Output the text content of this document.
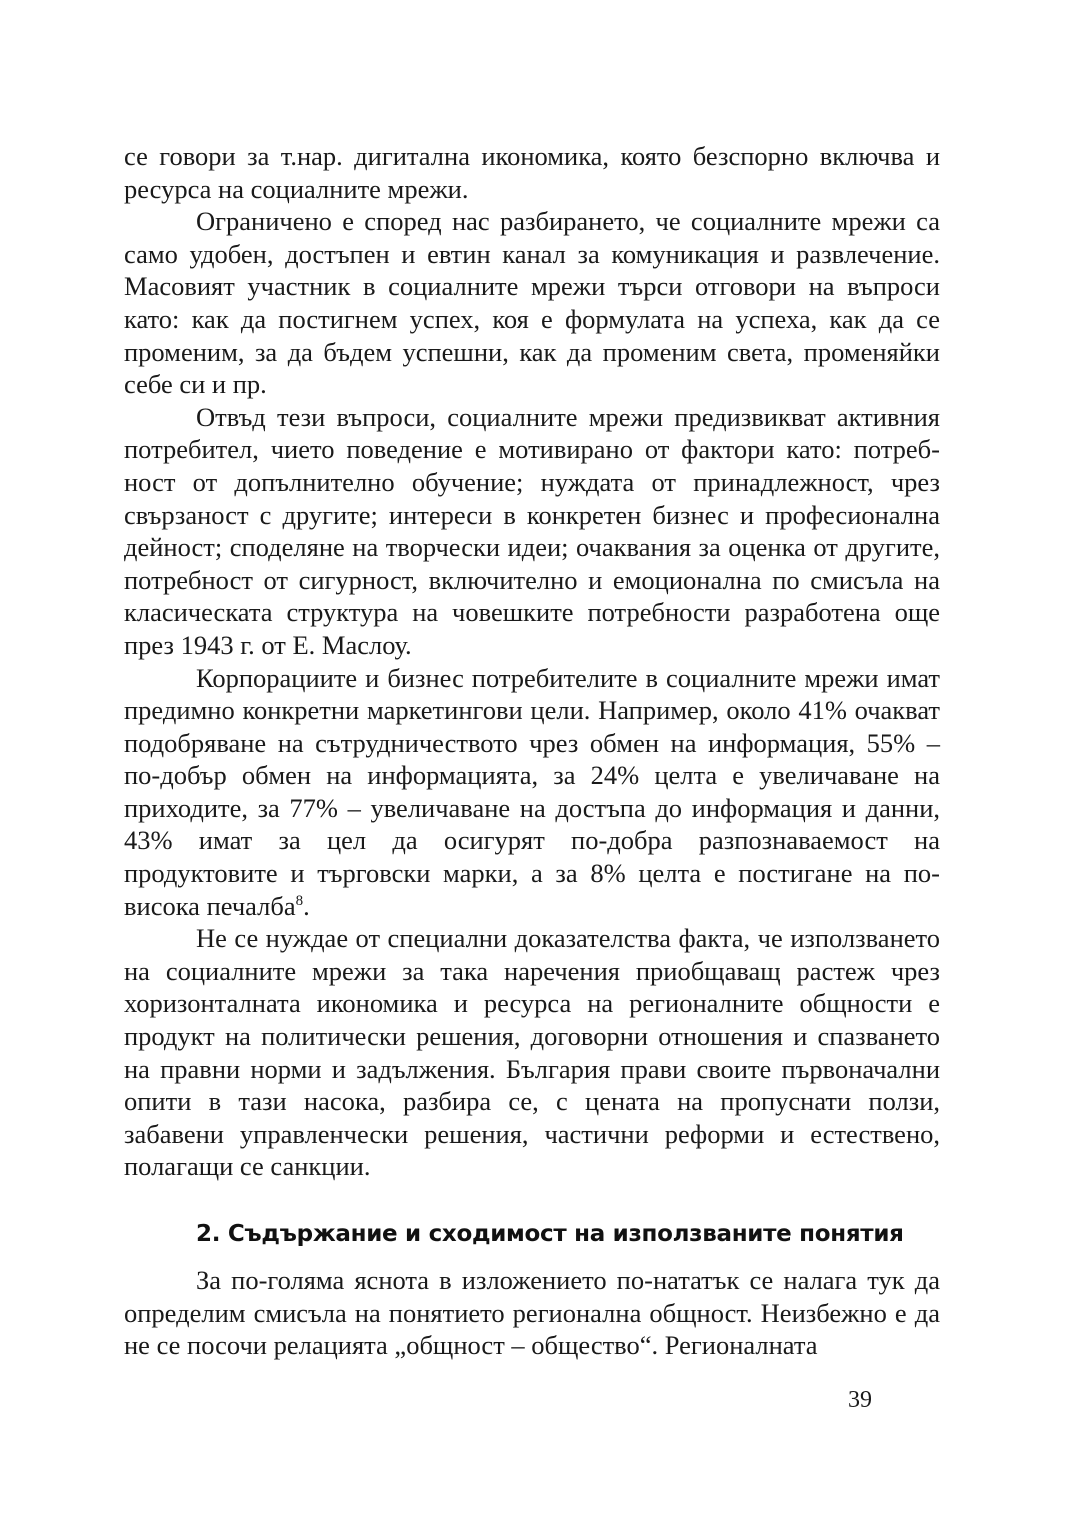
се говори за т.нар. дигитална икономика, която безспорно включва и ресурса на социалните мрежи.

Ограничено е според нас разбирането, че социалните мрежи са само удобен, достъпен и евтин канал за комуникация и развлечение. Масовият участник в социалните мрежи търси отговори на въпроси като: как да постигнем успех, коя е формулата на успеха, как да се променим, за да бъдем успешни, как да променим света, променяйки себе си и пр.

Отвъд тези въпроси, социалните мрежи предизвикват активния потребител, чието поведение е мотивирано от фактори като: потребност от допълнително обучение; нуждата от принадлежност, чрез свързаност с другите; интереси в конкретен бизнес и професионална дейност; споделяне на творчески идеи; очаквания за оценка от другите, потребност от сигурност, включително и емоционална по смисъла на класическата структура на човешките потребности разработена още през 1943 г. от Е. Маслоу.

Корпорациите и бизнес потребителите в социалните мрежи имат предимно конкретни маркетингови цели. Например, около 41% очакват подобряване на сътрудничеството чрез обмен на информация, 55% – по-добър обмен на информацията, за 24% целта е увеличаване на приходите, за 77% – увеличаване на достъпа до информация и данни, 43% имат за цел да осигурят по-добра разпознаваемост на продуктовите и търговски марки, а за 8% целта е постигане на по-висока печалба$^8$.

Не се нуждае от специални доказателства факта, че използването на социалните мрежи за така наречения приобщаващ растеж чрез хоризонталната икономика и ресурса на регионалните общности е продукт на политически решения, договорни отношения и спазването на правни норми и задължения. България прави своите първоначални опити в тази насока, разбира се, с цената на пропуснати ползи, забавени управленчески решения, частични реформи и естествено, полагащи се санкции.

2. Съдържание и сходимост на използваните понятия

За по-голяма яснота в изложението по-нататък се налага тук да определим смисъла на понятието регионална общност. Неизбежно е да не се посочи релацията „общност – общество“. Регионалната

39
